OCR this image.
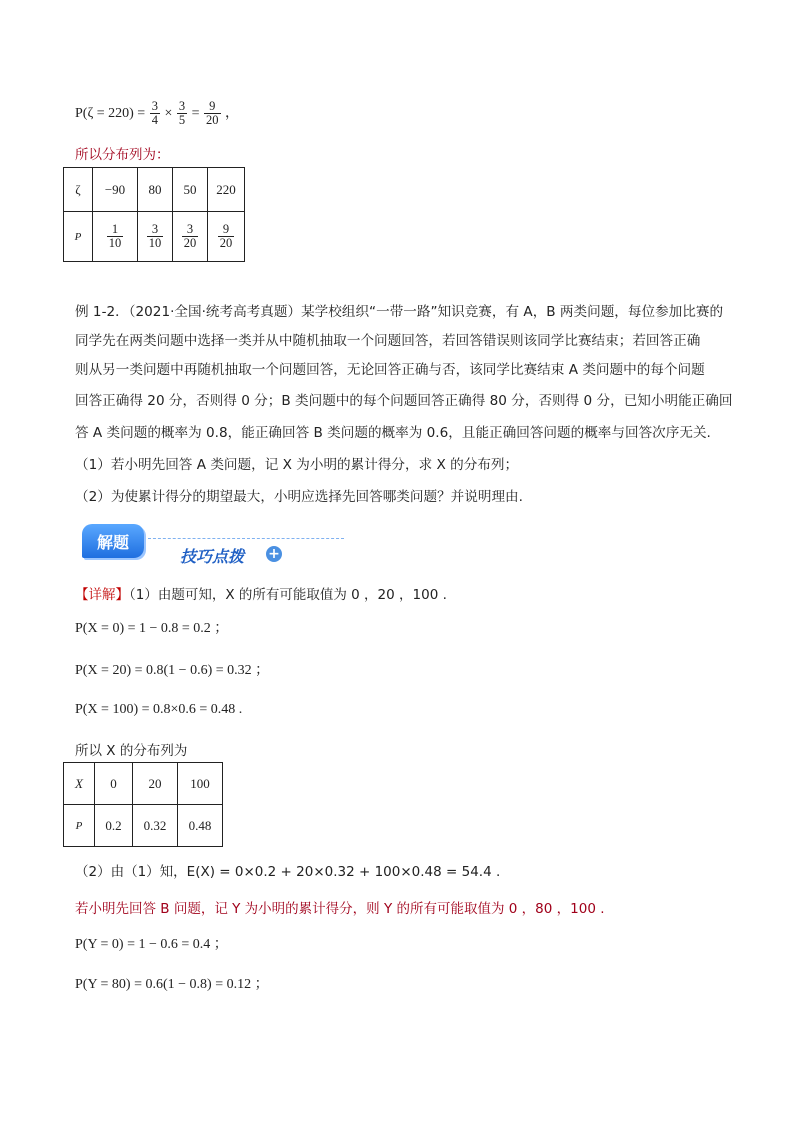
$P(\zeta = 220) = \frac{3}{4} \times \frac{3}{5} = \frac{9}{20}$ ，
所以分布列为：
ζ	−90	80	50	220
P	$\frac{1}{10}$	$\frac{3}{10}$	$\frac{3}{20}$	$\frac{9}{20}$
例 1-2．（2021·全国·统考高考真题）某学校组织“一带一路”知识竞赛，有 A，B 两类问题，每位参加比赛的
同学先在两类问题中选择一类并从中随机抽取一个问题回答，若回答错误则该同学比赛结束；若回答正确
则从另一类问题中再随机抽取一个问题回答，无论回答正确与否，该同学比赛结束 A 类问题中的每个问题
回答正确得 20 分，否则得 0 分；B 类问题中的每个问题回答正确得 80 分，否则得 0 分，已知小明能正确回
答 A 类问题的概率为 0.8，能正确回答 B 类问题的概率为 0.6，且能正确回答问题的概率与回答次序无关.
（1）若小明先回答 A 类问题，记 X 为小明的累计得分，求 X 的分布列；
（2）为使累计得分的期望最大，小明应选择先回答哪类问题？并说明理由.
解题
技巧点拨 +
【详解】（1）由题可知，X 的所有可能取值为 0 ，20 ，100 .
P(X = 0) = 1 − 0.8 = 0.2 ；
P(X = 20) = 0.8(1 − 0.6) = 0.32 ；
P(X = 100) = 0.8×0.6 = 0.48 .
所以 X 的分布列为
X	0	20	100
P	0.2	0.32	0.48
（2）由（1）知，E(X) = 0×0.2 + 20×0.32 + 100×0.48 = 54.4 .
若小明先回答 B 问题，记 Y 为小明的累计得分，则 Y 的所有可能取值为 0 ，80 ，100 .
P(Y = 0) = 1 − 0.6 = 0.4 ；
P(Y = 80) = 0.6(1 − 0.8) = 0.12 ；
